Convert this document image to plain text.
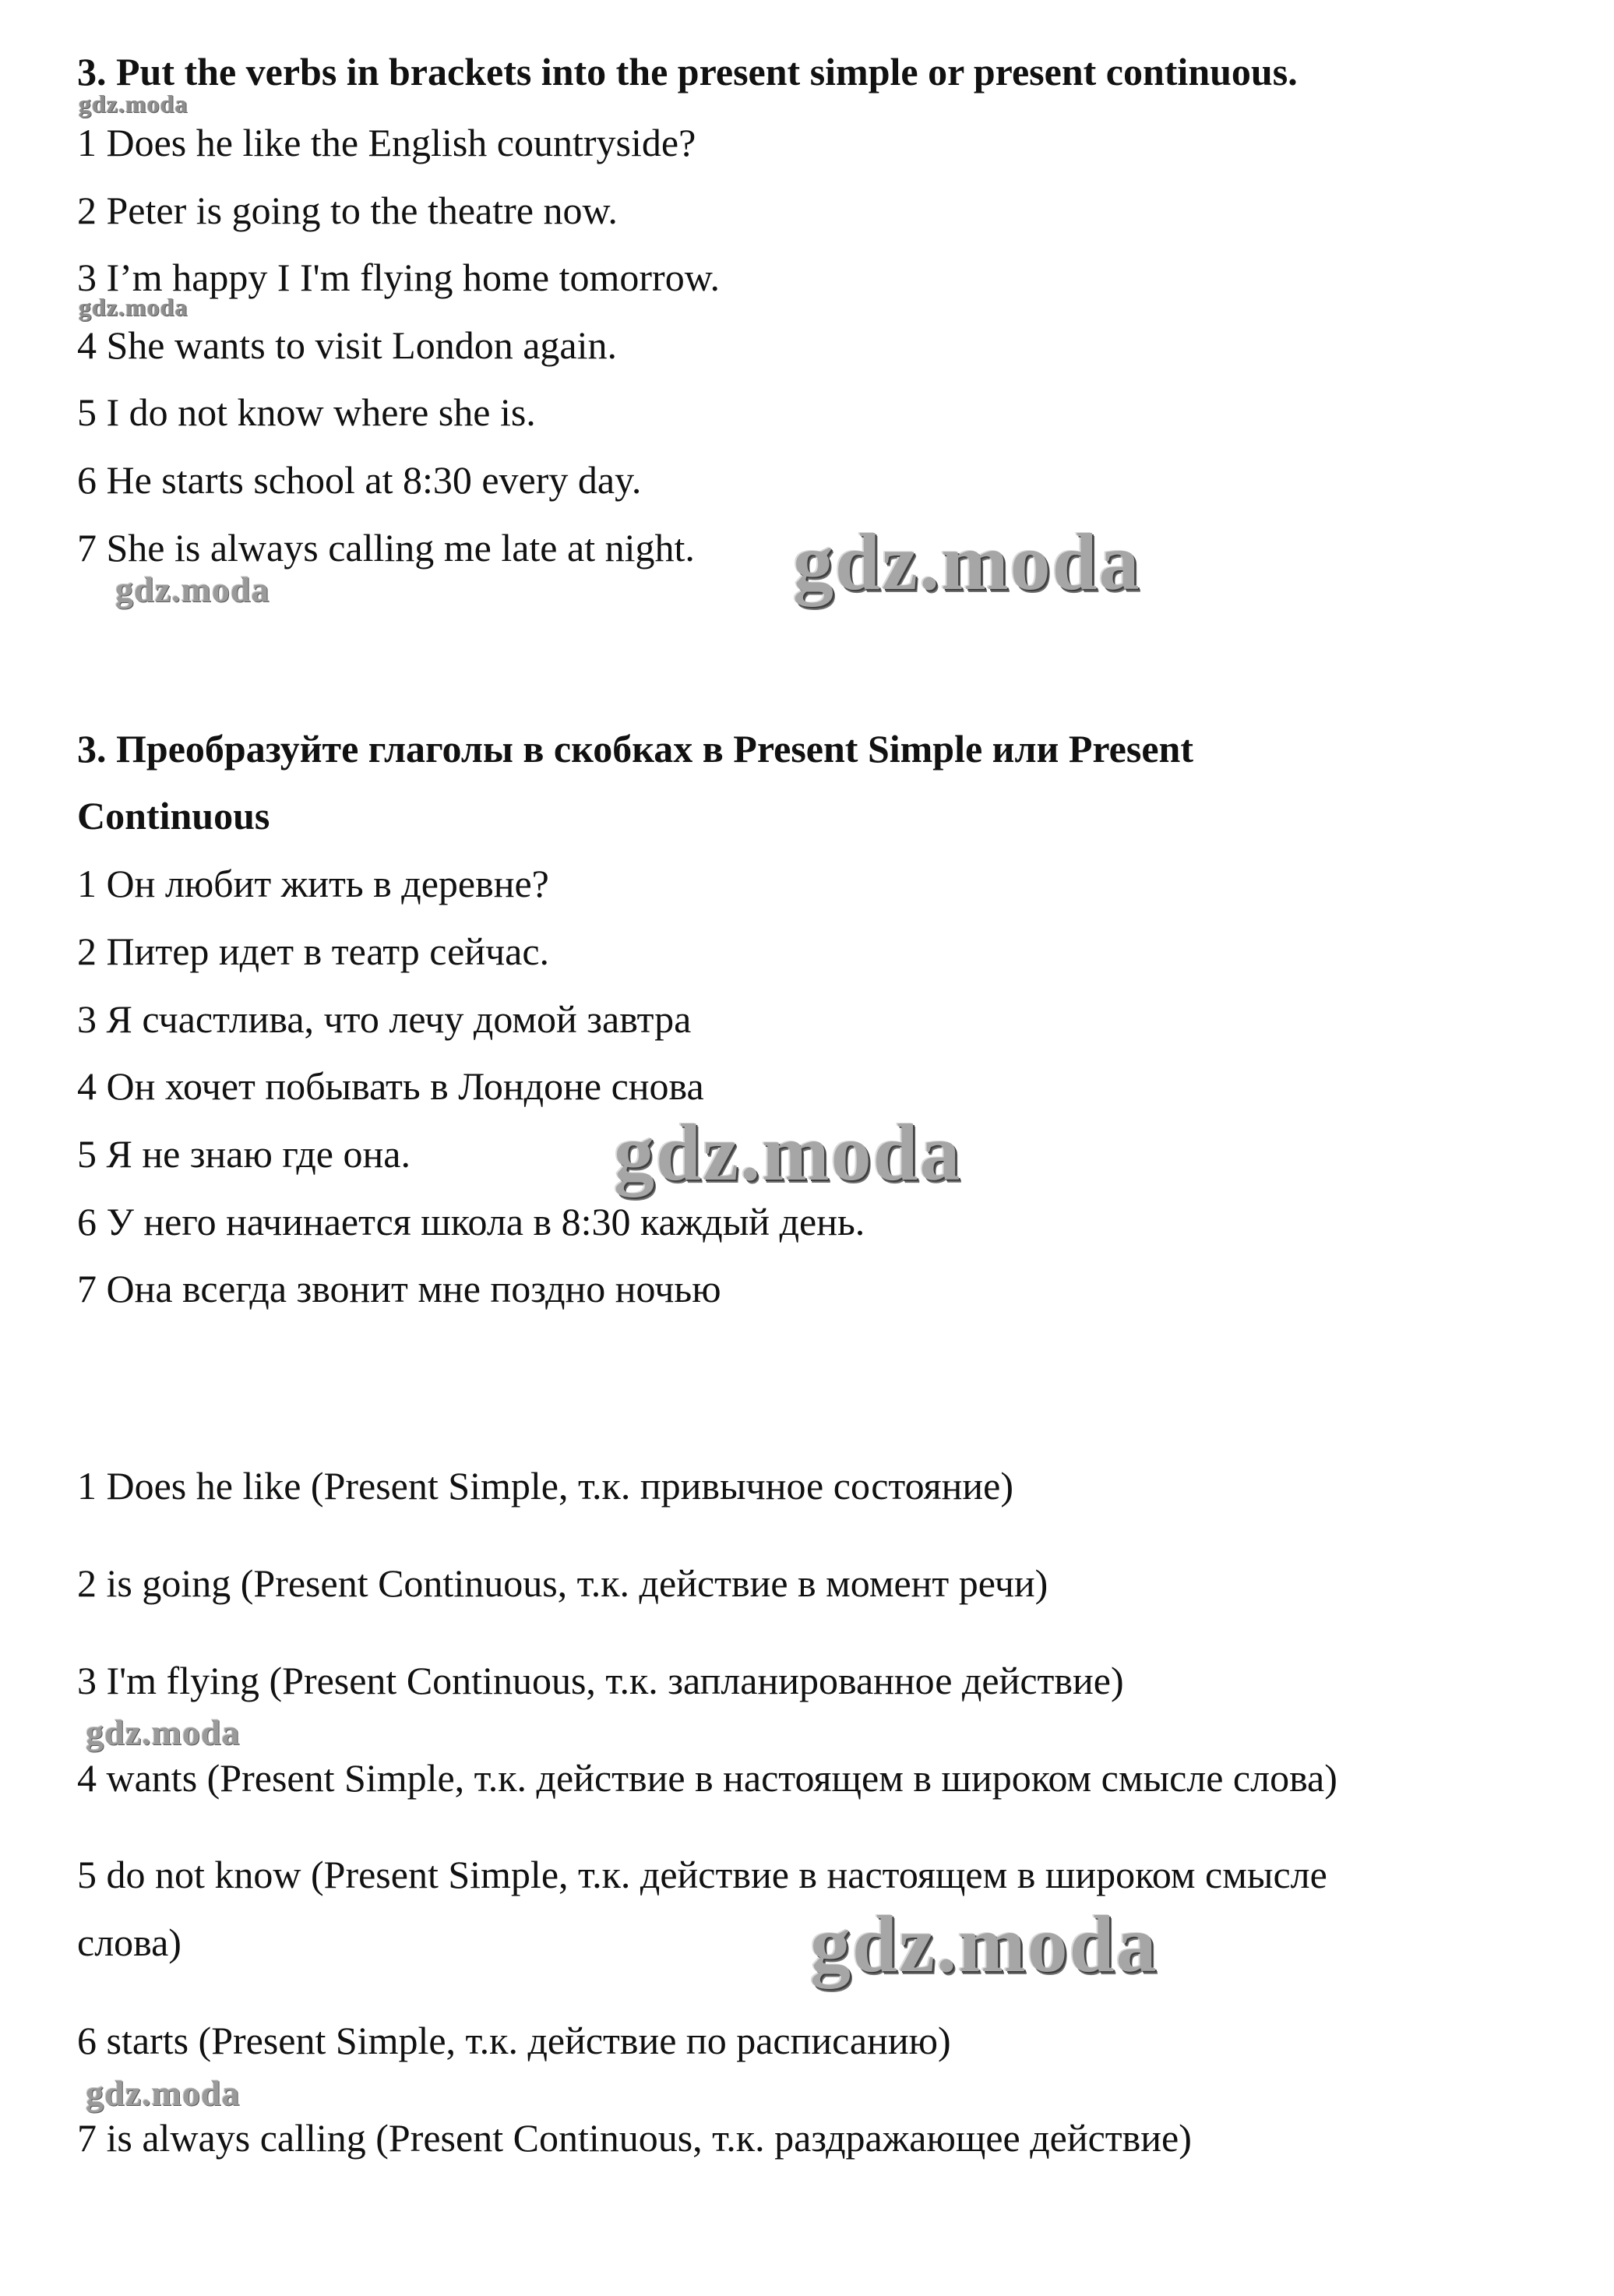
3. Put the verbs in brackets into the present simple or present continuous.

1 Does he like the English countryside?

2 Peter is going to the theatre now.

3 I’m happy I I'm flying home tomorrow.

4 She wants to visit London again.

5 I do not know where she is.

6 He starts school at 8:30 every day.

7 She is always calling me late at night.

3. Преобразуйте глаголы в скобках в Present Simple или Present

Continuous

1 Он любит жить в деревне?

2 Питер идет в театр сейчас.

3 Я счастлива, что лечу домой завтра

4 Он хочет побывать в Лондоне снова

5 Я не знаю где она.

6 У него начинается школа в 8:30 каждый день.

7 Она всегда звонит мне поздно ночью

1 Does he like (Present Simple, т.к. привычное состояние)

2 is going (Present Continuous, т.к. действие в момент речи)

3 I'm flying (Present Continuous, т.к. запланированное действие)

4 wants (Present Simple, т.к. действие в настоящем в широком смысле слова)

5 do not know (Present Simple, т.к. действие в настоящем в широком смысле

слова)

6 starts (Present Simple, т.к. действие по расписанию)

7 is always calling (Present Continuous, т.к. раздражающее действие)

gdz.moda
gdz.moda
gdz.moda	gdz.moda
gdz.moda
gdz.moda
gdz.moda
gdz.moda
